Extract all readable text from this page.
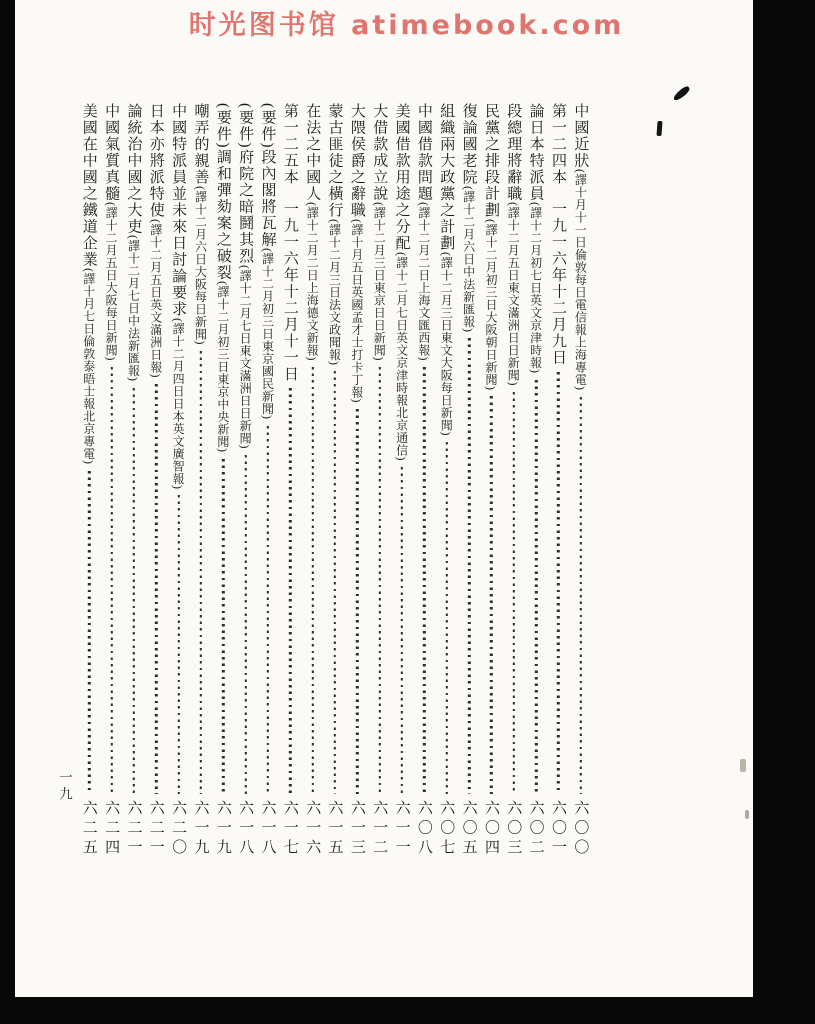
时光图书馆 atimebook.com
一九
中國近狀
(譯十月十一日倫敦每日電信報上海專電)
六〇〇
第一二四本
一九一六年十二月九日
六〇一
論日本特派員
(譯十二月初七日英文京津時報)
六〇二
段總理將辭職
(譯十二月五日東文滿洲日日新聞)
六〇三
民黨之排段計劃
(譯十二月初三日大阪朝日新聞)
六〇四
復論國老院
(譯十二月六日中法新匯報)
六〇五
組織兩大政黨之計劃
(譯十二月三日東文大阪每日新聞)
六〇七
中國借款問題
(譯十二月二日上海文匯西報)
六〇八
美國借款用途之分配
(譯十二月七日英文京津時報北京通信)
六一一
大借款成立說
(譯十二月三日東京日日新聞)
六一二
大隈侯爵之辭職
(譯十月五日英國孟才士打卡丁報)
六一三
蒙古匪徒之橫行
(譯十二月三日法文政聞報)
六一五
在法之中國人
(譯十二月二日上海德文新報)
六一六
第一二五本
一九一六年十二月十一日
六一七
(要件)段內閣將瓦解
(譯十二月初三日東京國民新聞)
六一八
(要件)府院之暗鬪其烈
(譯十二月七日東文滿洲日日新聞)
六一八
(要件)調和彈劾案之破裂
(譯十二月初三日東京中央新聞)
六一九
嘲弄的親善
(譯十二月六日大阪每日新聞)
六一九
中國特派員並未來日討論要求
(譯十二月四日日本英文廣智報)
六二〇
日本亦將派特使
(譯十二月五日英文滿洲日報)
六二一
論統治中國之大吏
(譯十二月七日中法新匯報)
六二一
中國氣質真髓
(譯十二月五日大阪每日新聞)
六二四
美國在中國之鐵道企業
(譯十月七日倫敦泰晤士報北京專電)
六二五
